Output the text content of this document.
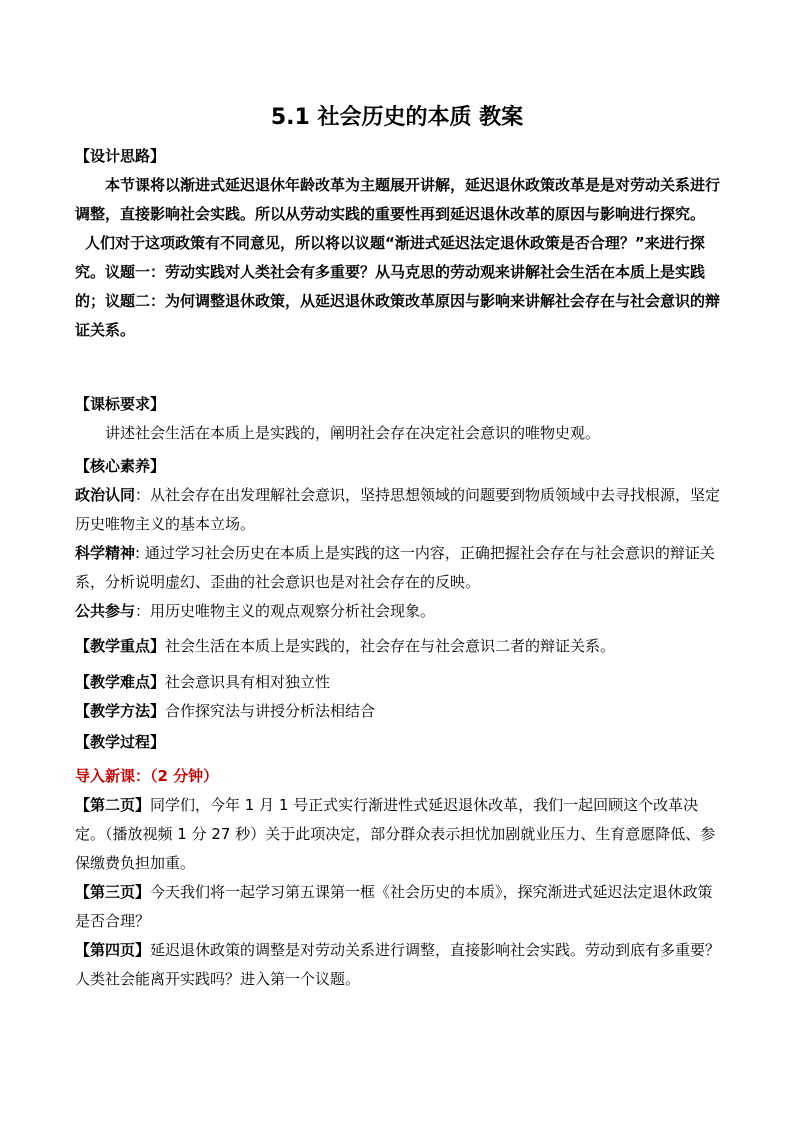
5.1 社会历史的本质 教案

【设计思路】

本节课将以渐进式延迟退休年龄改革为主题展开讲解，延迟退休政策改革是是对劳动关系进行调整，直接影响社会实践。所以从劳动实践的重要性再到延迟退休改革的原因与影响进行探究。

人们对于这项政策有不同意见，所以将以议题“渐进式延迟法定退休政策是否合理？”来进行探究。议题一：劳动实践对人类社会有多重要？从马克思的劳动观来讲解社会生活在本质上是实践的；议题二：为何调整退休政策，从延迟退休政策改革原因与影响来讲解社会存在与社会意识的辩证关系。

【课标要求】

讲述社会生活在本质上是实践的，阐明社会存在决定社会意识的唯物史观。

【核心素养】

政治认同：从社会存在出发理解社会意识，坚持思想领域的问题要到物质领域中去寻找根源，坚定历史唯物主义的基本立场。

科学精神: 通过学习社会历史在本质上是实践的这一内容，正确把握社会存在与社会意识的辩证关系，分析说明虚幻、歪曲的社会意识也是对社会存在的反映。

公共参与：用历史唯物主义的观点观察分析社会现象。

【教学重点】社会生活在本质上是实践的，社会存在与社会意识二者的辩证关系。

【教学难点】社会意识具有相对独立性

【教学方法】合作探究法与讲授分析法相结合

【教学过程】

导入新课：（2 分钟）

【第二页】同学们，今年 1 月 1 号正式实行渐进性式延迟退休改革，我们一起回顾这个改革决定。（播放视频 1 分 27 秒）关于此项决定，部分群众表示担忧加剧就业压力、生育意愿降低、参保缴费负担加重。

【第三页】今天我们将一起学习第五课第一框《社会历史的本质》，探究渐进式延迟法定退休政策是否合理？

【第四页】延迟退休政策的调整是对劳动关系进行调整，直接影响社会实践。劳动到底有多重要？人类社会能离开实践吗？进入第一个议题。
